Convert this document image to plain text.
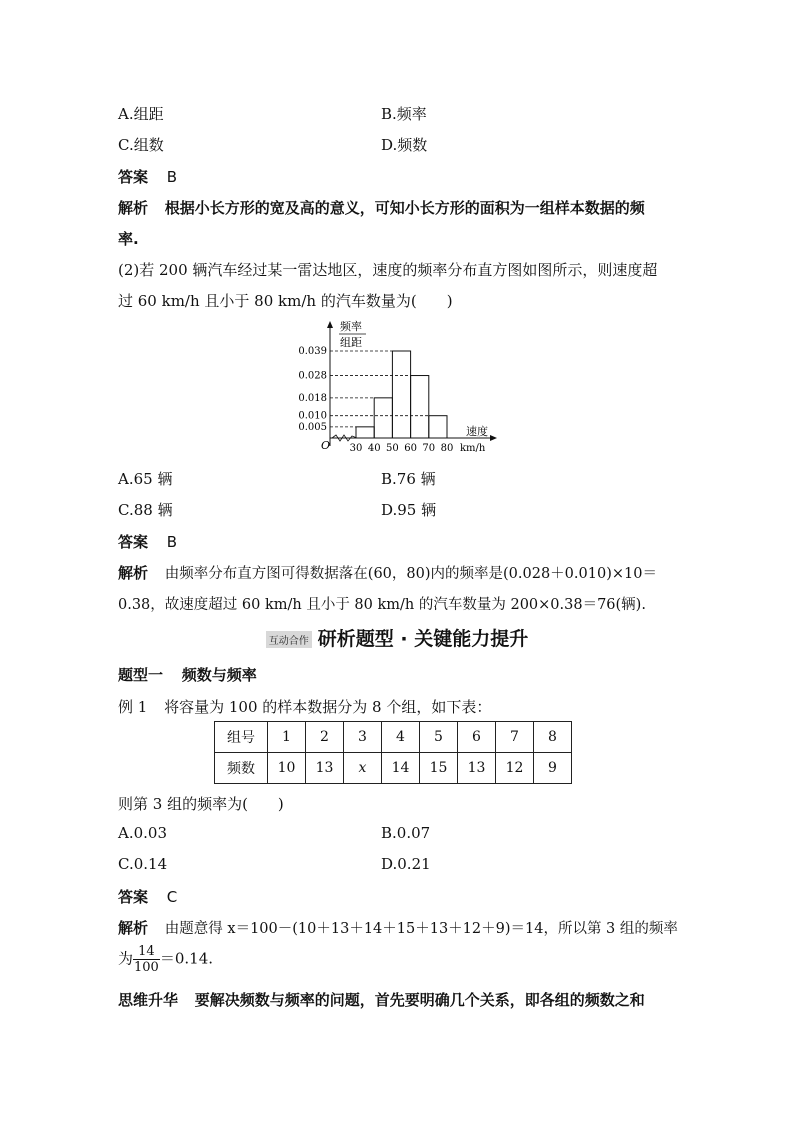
A.组距	B.频率
C.组数	D.频数
答案 B
解析 根据小长方形的宽及高的意义，可知小长方形的面积为一组样本数据的频
率.
(2)若 200 辆汽车经过某一雷达地区，速度的频率分布直方图如图所示，则速度超
过 60 km/h 且小于 80 km/h 的汽车数量为(　　)
频率
组距
O
速度
km/h
0.039
0.028
0.018
0.010
0.005
30 40 50 60 70 80
A.65 辆	B.76 辆
C.88 辆	D.95 辆
答案 B
解析 由频率分布直方图可得数据落在(60，80)内的频率是(0.028＋0.010)×10＝
0.38，故速度超过 60 km/h 且小于 80 km/h 的汽车数量为 200×0.38＝76(辆).
互动合作 研析题型 · 关键能力提升
题型一 频数与频率
例 1 将容量为 100 的样本数据分为 8 个组，如下表：
组号	1	2	3	4	5	6	7	8
频数	10	13	x	14	15	13	12	9
则第 3 组的频率为(　　)
A.0.03	B.0.07
C.0.14	D.0.21
答案 C
解析 由题意得 x＝100－(10＋13＋14＋15＋13＋12＋9)＝14，所以第 3 组的频率
为 $\frac{14}{100} =0.14$.
思维升华 要解决频数与频率的问题，首先要明确几个关系，即各组的频数之和
